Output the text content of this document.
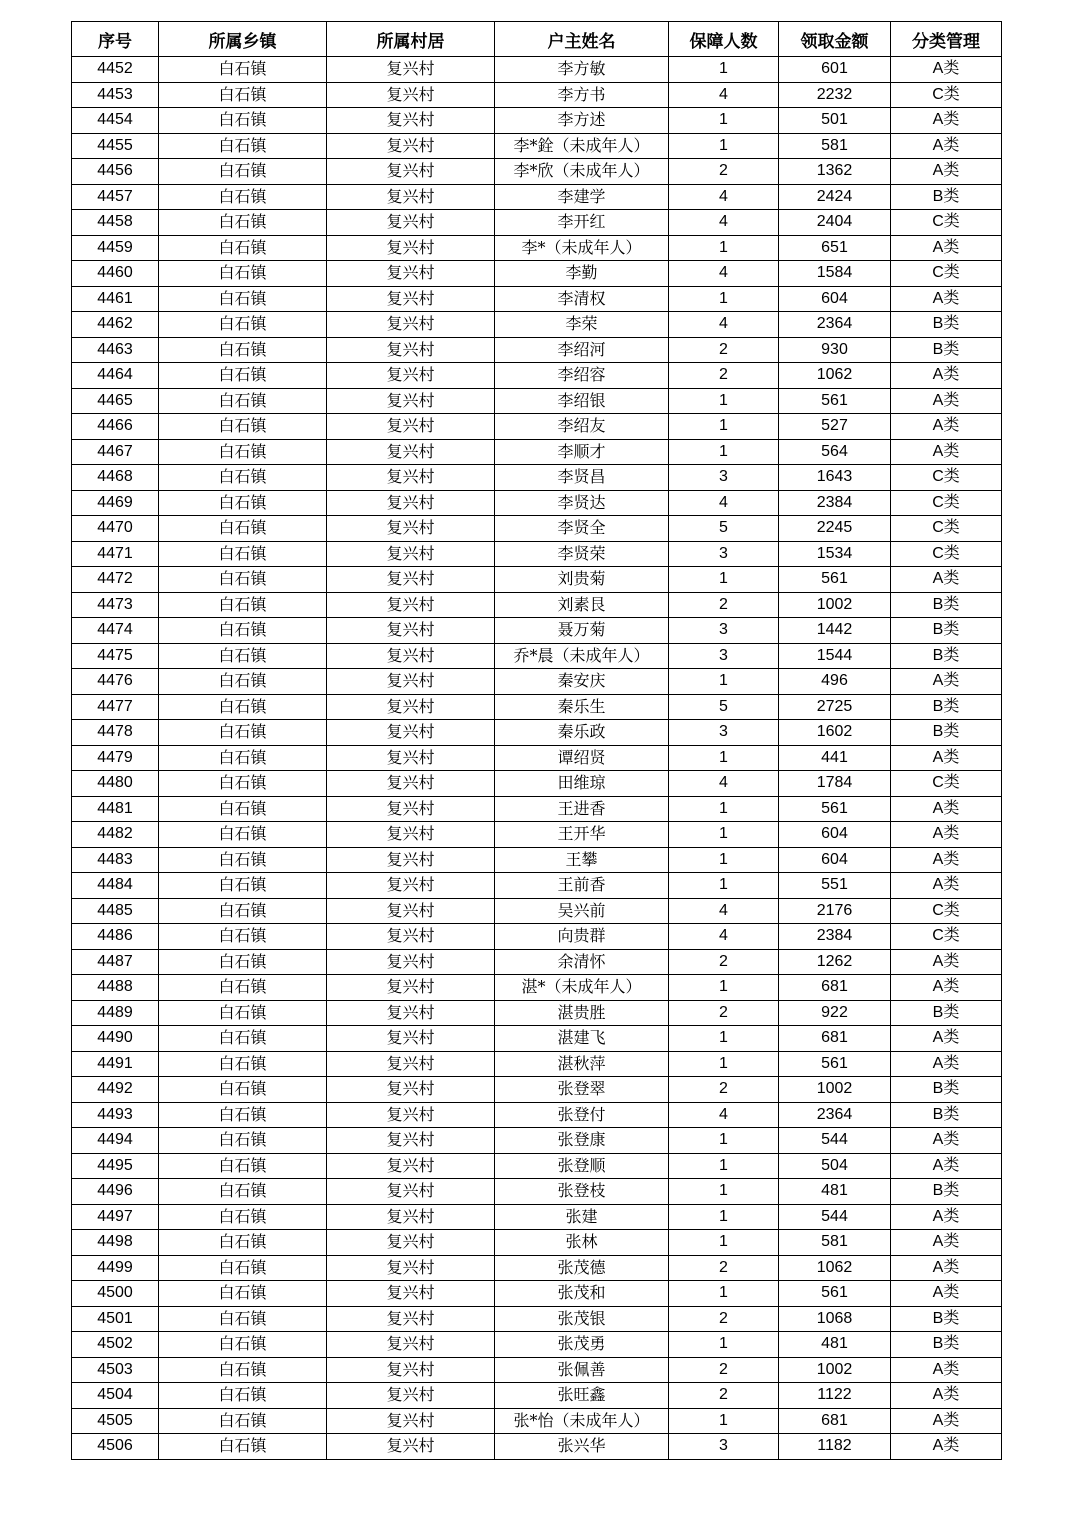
序号	所属乡镇	所属村居	户主姓名	保障人数	领取金额	分类管理
4452	白石镇	复兴村	李方敏	1	601	A类
4453	白石镇	复兴村	李方书	4	2232	C类
4454	白石镇	复兴村	李方述	1	501	A类
4455	白石镇	复兴村	李*銓（未成年人）	1	581	A类
4456	白石镇	复兴村	李*欣（未成年人）	2	1362	A类
4457	白石镇	复兴村	李建学	4	2424	B类
4458	白石镇	复兴村	李开红	4	2404	C类
4459	白石镇	复兴村	李*（未成年人）	1	651	A类
4460	白石镇	复兴村	李勤	4	1584	C类
4461	白石镇	复兴村	李清权	1	604	A类
4462	白石镇	复兴村	李荣	4	2364	B类
4463	白石镇	复兴村	李绍河	2	930	B类
4464	白石镇	复兴村	李绍容	2	1062	A类
4465	白石镇	复兴村	李绍银	1	561	A类
4466	白石镇	复兴村	李绍友	1	527	A类
4467	白石镇	复兴村	李顺才	1	564	A类
4468	白石镇	复兴村	李贤昌	3	1643	C类
4469	白石镇	复兴村	李贤达	4	2384	C类
4470	白石镇	复兴村	李贤全	5	2245	C类
4471	白石镇	复兴村	李贤荣	3	1534	C类
4472	白石镇	复兴村	刘贵菊	1	561	A类
4473	白石镇	复兴村	刘素艮	2	1002	B类
4474	白石镇	复兴村	聂万菊	3	1442	B类
4475	白石镇	复兴村	乔*晨（未成年人）	3	1544	B类
4476	白石镇	复兴村	秦安庆	1	496	A类
4477	白石镇	复兴村	秦乐生	5	2725	B类
4478	白石镇	复兴村	秦乐政	3	1602	B类
4479	白石镇	复兴村	谭绍贤	1	441	A类
4480	白石镇	复兴村	田维琼	4	1784	C类
4481	白石镇	复兴村	王进香	1	561	A类
4482	白石镇	复兴村	王开华	1	604	A类
4483	白石镇	复兴村	王攀	1	604	A类
4484	白石镇	复兴村	王前香	1	551	A类
4485	白石镇	复兴村	吴兴前	4	2176	C类
4486	白石镇	复兴村	向贵群	4	2384	C类
4487	白石镇	复兴村	余清怀	2	1262	A类
4488	白石镇	复兴村	湛*（未成年人）	1	681	A类
4489	白石镇	复兴村	湛贵胜	2	922	B类
4490	白石镇	复兴村	湛建飞	1	681	A类
4491	白石镇	复兴村	湛秋萍	1	561	A类
4492	白石镇	复兴村	张登翠	2	1002	B类
4493	白石镇	复兴村	张登付	4	2364	B类
4494	白石镇	复兴村	张登康	1	544	A类
4495	白石镇	复兴村	张登顺	1	504	A类
4496	白石镇	复兴村	张登枝	1	481	B类
4497	白石镇	复兴村	张建	1	544	A类
4498	白石镇	复兴村	张林	1	581	A类
4499	白石镇	复兴村	张茂德	2	1062	A类
4500	白石镇	复兴村	张茂和	1	561	A类
4501	白石镇	复兴村	张茂银	2	1068	B类
4502	白石镇	复兴村	张茂勇	1	481	B类
4503	白石镇	复兴村	张佩善	2	1002	A类
4504	白石镇	复兴村	张旺鑫	2	1122	A类
4505	白石镇	复兴村	张*怡（未成年人）	1	681	A类
4506	白石镇	复兴村	张兴华	3	1182	A类
